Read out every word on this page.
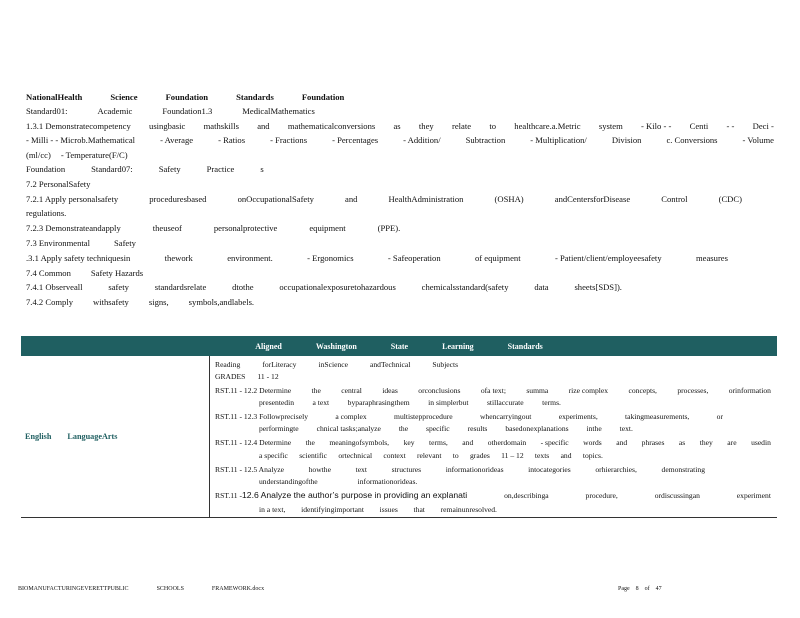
NationalHealth	Science	Foundation	Standards	Foundation
Standard01:	Academic	Foundation1.3	MedicalMathematics
1.3.1 Demonstratecompetency usingbasic mathskills and mathematicalconversions as they relate to healthcare.a.Metric system - Kilo - - Centi - - Deci -
- Milli - - Microb.Mathematical	- Average	- Ratios	- Fractions	- Percentages	- Addition/	Subtraction	- Multiplication/	Division	c. Conversions	- Volume
(ml/cc) - Temperature(F/C)
Foundation	Standard07:	Safety	Practice	s
7.2 PersonalSafety
7.2.1 Apply personalsafety	proceduresbased	onOccupationalSafety	and	HealthAdministration	(OSHA)	andCentersforDisease	Control	(CDC)
regulations.
7.2.3 Demonstrateandapply	theuseof	personalprotective	equipment	(PPE).
7.3 Environmental	Safety
.3.1 Apply safety techniquesin	thework	environment.	- Ergonomics	- Safeoperation	of equipment	- Patient/client/employeesafety	measures
7.4 Common Safety Hazards
7.4.1 Observeall	safety	standardsrelate	dtothe	occupationalexposuretohazardous	chemicalsstandard(safety	data	sheets[SDS]).
7.4.2 Comply withsafety signs, symbols,andlabels.
Aligned	Washington	State	Learning	Standards
English LanguageArts
Reading	forLiteracy	inScience	andTechnical	Subjects
GRADES 11 - 12
RST.11 - 12.2 Determine	the	central	ideas	orconclusions	ofa text;	summa	rize complex	concepts,	processes,	orinformation
presentedin a text byparaphrasingthem in simplerbut stillaccurate terms.
RST.11 - 12.3 Followprecisely	a complex	multistepprocedure	whencarryingout	experiments,	takingmeasurements,	or
performingte chnical tasks;analyze the specific results basedonexplanations inthe text.
RST.11 - 12.4 Determine the meaningofsymbols, key terms, and otherdomain - specific words and phrases as they are usedin
a specific scientific ortechnical context relevant to grades 11 – 12 texts and topics.
RST.11 - 12.5 Analyze	howthe	text	structures	informationorideas	intocategories	orhierarchies,	demonstrating
understandingofthe	informationorideas.
RST.11 - 12.6 Analyze the author’s purpose in providing an explanati	on,describinga	procedure,	ordiscussingan	experiment
in a text, identifyingimportant issues that remainunresolved.
BIOMANUFACTURINGEVERETTPUBLIC	SCHOOLS	FRAMEWORK.docx	Page 8 of 47
